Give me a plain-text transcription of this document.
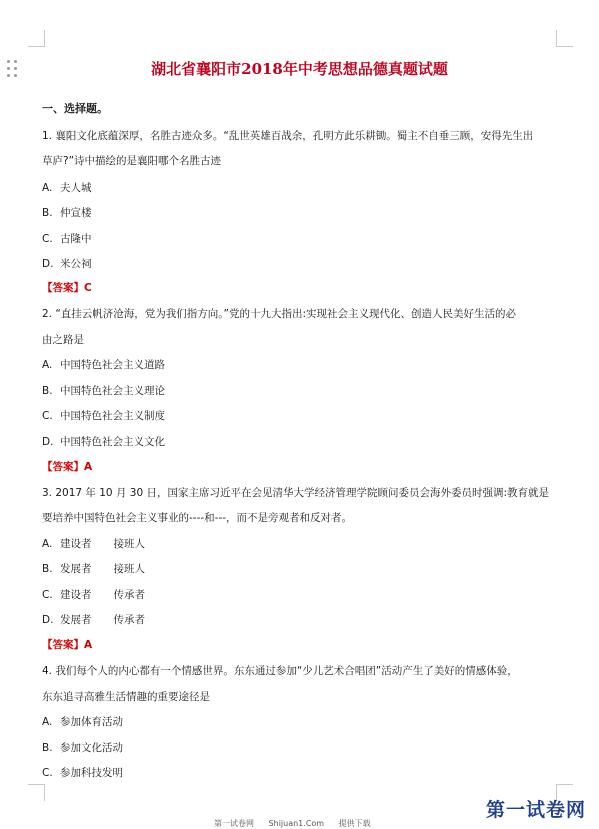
湖北省襄阳市2018年中考思想品德真题试题
一、选择题。
1. 襄阳文化底蕴深厚，名胜古迹众多。“乱世英雄百战余，孔明方此乐耕锄。蜀主不自垂三顾，安得先生出
草庐?”诗中描绘的是襄阳哪个名胜古迹
A. 夫人城
B. 仲宣楼
C. 古隆中
D. 米公祠
【答案】C
2. “直挂云帆济沧海，党为我们指方向。”党的十九大指出:实现社会主义现代化、创造人民美好生活的必
由之路是
A. 中国特色社会主义道路
B. 中国特色社会主义理论
C. 中国特色社会主义制度
D. 中国特色社会主义文化
【答案】A
3. 2017 年 10 月 30 日，国家主席习近平在会见清华大学经济管理学院顾问委员会海外委员时强调:教育就是
要培养中国特色社会主义事业的----和---，而不是旁观者和反对者。
A. 建设者 接班人
B. 发展者 接班人
C. 建设者 传承者
D. 发展者 传承者
【答案】A
4. 我们每个人的内心都有一个情感世界。东东通过参加“少儿艺术合唱团”活动产生了美好的情感体验，
东东追寻高雅生活情趣的重要途径是
A. 参加体育活动
B. 参加文化活动
C. 参加科技发明
第一试卷网 Shijuan1.Com 提供下载
第一试卷网
